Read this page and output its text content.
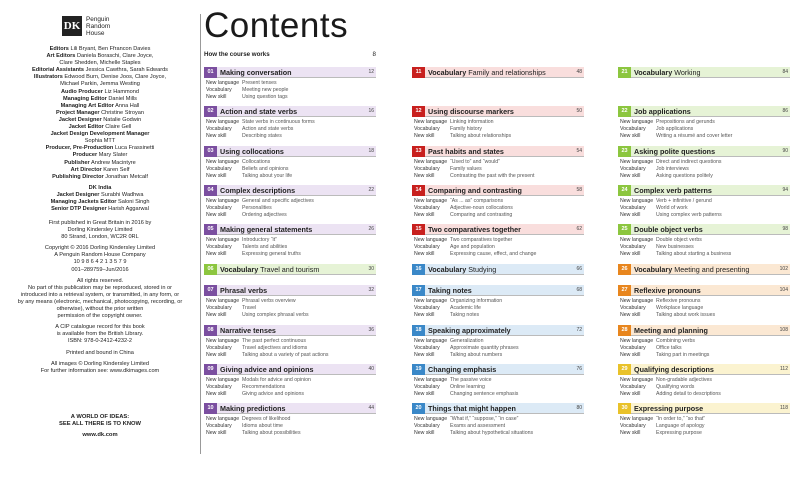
DK
Penguin
Random
House

Editors Lili Bryant, Ben Ffrancon Davies

Art Editors Daniela Boraschi, Clare Joyce,

Clare Shedden, Michelle Staples

Editorial Assistants Jessica Cawthra, Sarah Edwards

Illustrators Edwood Burn, Denise Joos, Clare Joyce,

Michael Parkin, Jemma Westing

Audio Producer Liz Hammond

Managing Editor Daniel Mills

Managing Art Editor Anna Hall

Project Manager Christine Stroyan

Jacket Designer Natalie Godwin

Jacket Editor Claire Gell

Jacket Design Development Manager

Sophia MTT

Producer, Pre-Production Luca Frassinetti

Producer Mary Slater

Publisher Andrew Macintyre

Art Director Karen Self

Publishing Director Jonathan Metcalf

DK India

Jacket Designer Surabhi Wadhwa

Managing Jackets Editor Saloni Singh

Senior DTP Designer Harish Aggarwal

First published in Great Britain in 2016 by

Dorling Kindersley Limited

80 Strand, London, WC2R 0RL

Copyright © 2016 Dorling Kindersley Limited

A Penguin Random House Company

10 9 8 6 4 2 1 3 5 7 9

001–289759–Jun/2016

All rights reserved.

No part of this publication may be reproduced, stored in or

introduced into a retrieval system, or transmitted, in any form, or

by any means (electronic, mechanical, photocopying, recording, or

otherwise), without the prior written

permission of the copyright owner.

A CIP catalogue record for this book

is available from the British Library.

ISBN: 978-0-2412-4232-2

Printed and bound in China

All images © Dorling Kindersley Limited

For further information see: www.dkimages.com

A WORLD OF IDEAS:

SEE ALL THERE IS TO KNOW

www.dk.com

Contents
How the course works	8
01 Making conversation	12
New language Present tenses
Vocabulary Meeting new people
New skill	Using question tags
02 Action and state verbs	16
New language State verbs in continuous forms
Vocabulary Action and state verbs
New skill	Describing states
03 Using collocations	18
New language Collocations
Vocabulary Beliefs and opinions
New skill	Talking about your life
04 Complex descriptions	22
New language General and specific adjectives
Vocabulary Personalities
New skill	Ordering adjectives
05 Making general statements	26
New language Introductory “it”
Vocabulary Talents and abilities
New skill	Expressing general truths
06 Vocabulary Travel and tourism	30
07 Phrasal verbs	32
New language Phrasal verbs overview
Vocabulary Travel
New skill	Using complex phrasal verbs
08 Narrative tenses	36
New language The past perfect continuous
Vocabulary Travel adjectives and idioms
New skill	Talking about a variety of past actions
09 Giving advice and opinions	40
New language Modals for advice and opinion
Vocabulary Recommendations
New skill	Giving advice and opinions
10 Making predictions	44
New language Degrees of likelihood
Vocabulary Idioms about time
New skill	Talking about possibilities
11 Vocabulary Family and relationships	48
12 Using discourse markers	50
New language Linking information
Vocabulary Family history
New skill	Talking about relationships
13 Past habits and states	54
New language “Used to” and “would”
Vocabulary Family values
New skill	Contrasting the past with the present
14 Comparing and contrasting	58
New language “As ... as” comparisons
Vocabulary Adjective-noun collocations
New skill	Comparing and contrasting
15 Two comparatives together	62
New language Two comparatives together
Vocabulary Age and population
New skill	Expressing cause, effect, and change
16 Vocabulary Studying	66
17 Taking notes	68
New language Organizing information
Vocabulary Academic life
New skill	Taking notes
18 Speaking approximately	72
New language Generalization
Vocabulary Approximate quantity phrases
New skill	Talking about numbers
19 Changing emphasis	76
New language The passive voice
Vocabulary Online learning
New skill	Changing sentence emphasis
20 Things that might happen	80
New language “What if,” “suppose,” “in case”
Vocabulary Exams and assessment
New skill	Talking about hypothetical situations
21 Vocabulary Working	84
22 Job applications	86
New language Prepositions and gerunds
Vocabulary Job applications
New skill	Writing a résumé and cover letter
23 Asking polite questions	90
New language Direct and indirect questions
Vocabulary Job interviews
New skill	Asking questions politely
24 Complex verb patterns	94
New language Verb + infinitive / gerund
Vocabulary World of work
New skill	Using complex verb patterns
25 Double object verbs	98
New language Double object verbs
Vocabulary New businesses
New skill	Talking about starting a business
26 Vocabulary Meeting and presenting	102
27 Reflexive pronouns	104
New language Reflexive pronouns
Vocabulary Workplace language
New skill	Talking about work issues
28 Meeting and planning	108
New language Combining verbs
Vocabulary Office talks
New skill	Taking part in meetings
29 Qualifying descriptions	112
New language Non-gradable adjectives
Vocabulary Qualifying words
New skill	Adding detail to descriptions
30 Expressing purpose	118
New language “In order to,” “so that”
Vocabulary Language of apology
New skill	Expressing purpose
